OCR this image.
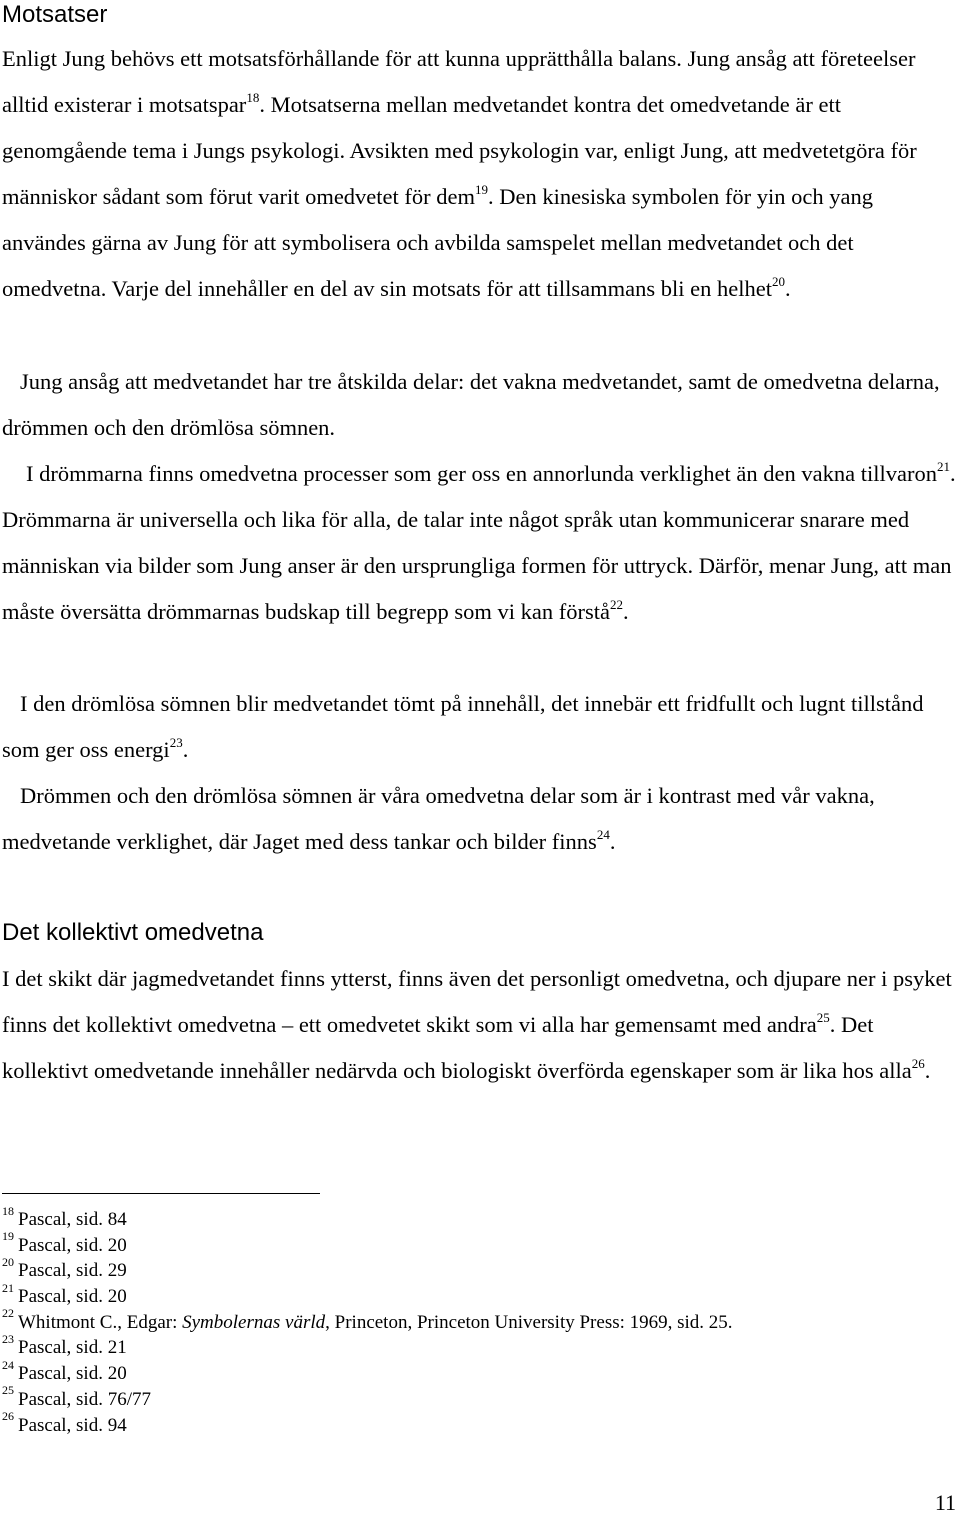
Motsatser

Enligt Jung behövs ett motsatsförhållande för att kunna upprätthålla balans. Jung ansåg att företeelser alltid existerar i motsatspar$^{18}$. Motsatserna mellan medvetandet kontra det omedvetande är ett genomgående tema i Jungs psykologi. Avsikten med psykologin var, enligt Jung, att medvetetgöra för människor sådant som förut varit omedvetet för dem$^{19}$. Den kinesiska symbolen för yin och yang användes gärna av Jung för att symbolisera och avbilda samspelet mellan medvetandet och det omedvetna. Varje del innehåller en del av sin motsats för att tillsammans bli en helhet$^{20}$.

Jung ansåg att medvetandet har tre åtskilda delar: det vakna medvetandet, samt de omedvetna delarna, drömmen och den drömlösa sömnen.

I drömmarna finns omedvetna processer som ger oss en annorlunda verklighet än den vakna tillvaron$^{21}$. Drömmarna är universella och lika för alla, de talar inte något språk utan kommunicerar snarare med människan via bilder som Jung anser är den ursprungliga formen för uttryck. Därför, menar Jung, att man måste översätta drömmarnas budskap till begrepp som vi kan förstå$^{22}$.

I den drömlösa sömnen blir medvetandet tömt på innehåll, det innebär ett fridfullt och lugnt tillstånd som ger oss energi$^{23}$.

Drömmen och den drömlösa sömnen är våra omedvetna delar som är i kontrast med vår vakna, medvetande verklighet, där Jaget med dess tankar och bilder finns$^{24}$.

Det kollektivt omedvetna

I det skikt där jagmedvetandet finns ytterst, finns även det personligt omedvetna, och djupare ner i psyket finns det kollektivt omedvetna – ett omedvetet skikt som vi alla har gemensamt med andra$^{25}$. Det kollektivt omedvetande innehåller nedärvda och biologiskt överförda egenskaper som är lika hos alla$^{26}$.

$^{18}$ Pascal, sid. 84
$^{19}$ Pascal, sid. 20
$^{20}$ Pascal, sid. 29
$^{21}$ Pascal, sid. 20
$^{22}$ Whitmont C., Edgar: Symbolernas värld, Princeton, Princeton University Press: 1969, sid. 25.
$^{23}$ Pascal, sid. 21
$^{24}$ Pascal, sid. 20
$^{25}$ Pascal, sid. 76/77
$^{26}$ Pascal, sid. 94
11
